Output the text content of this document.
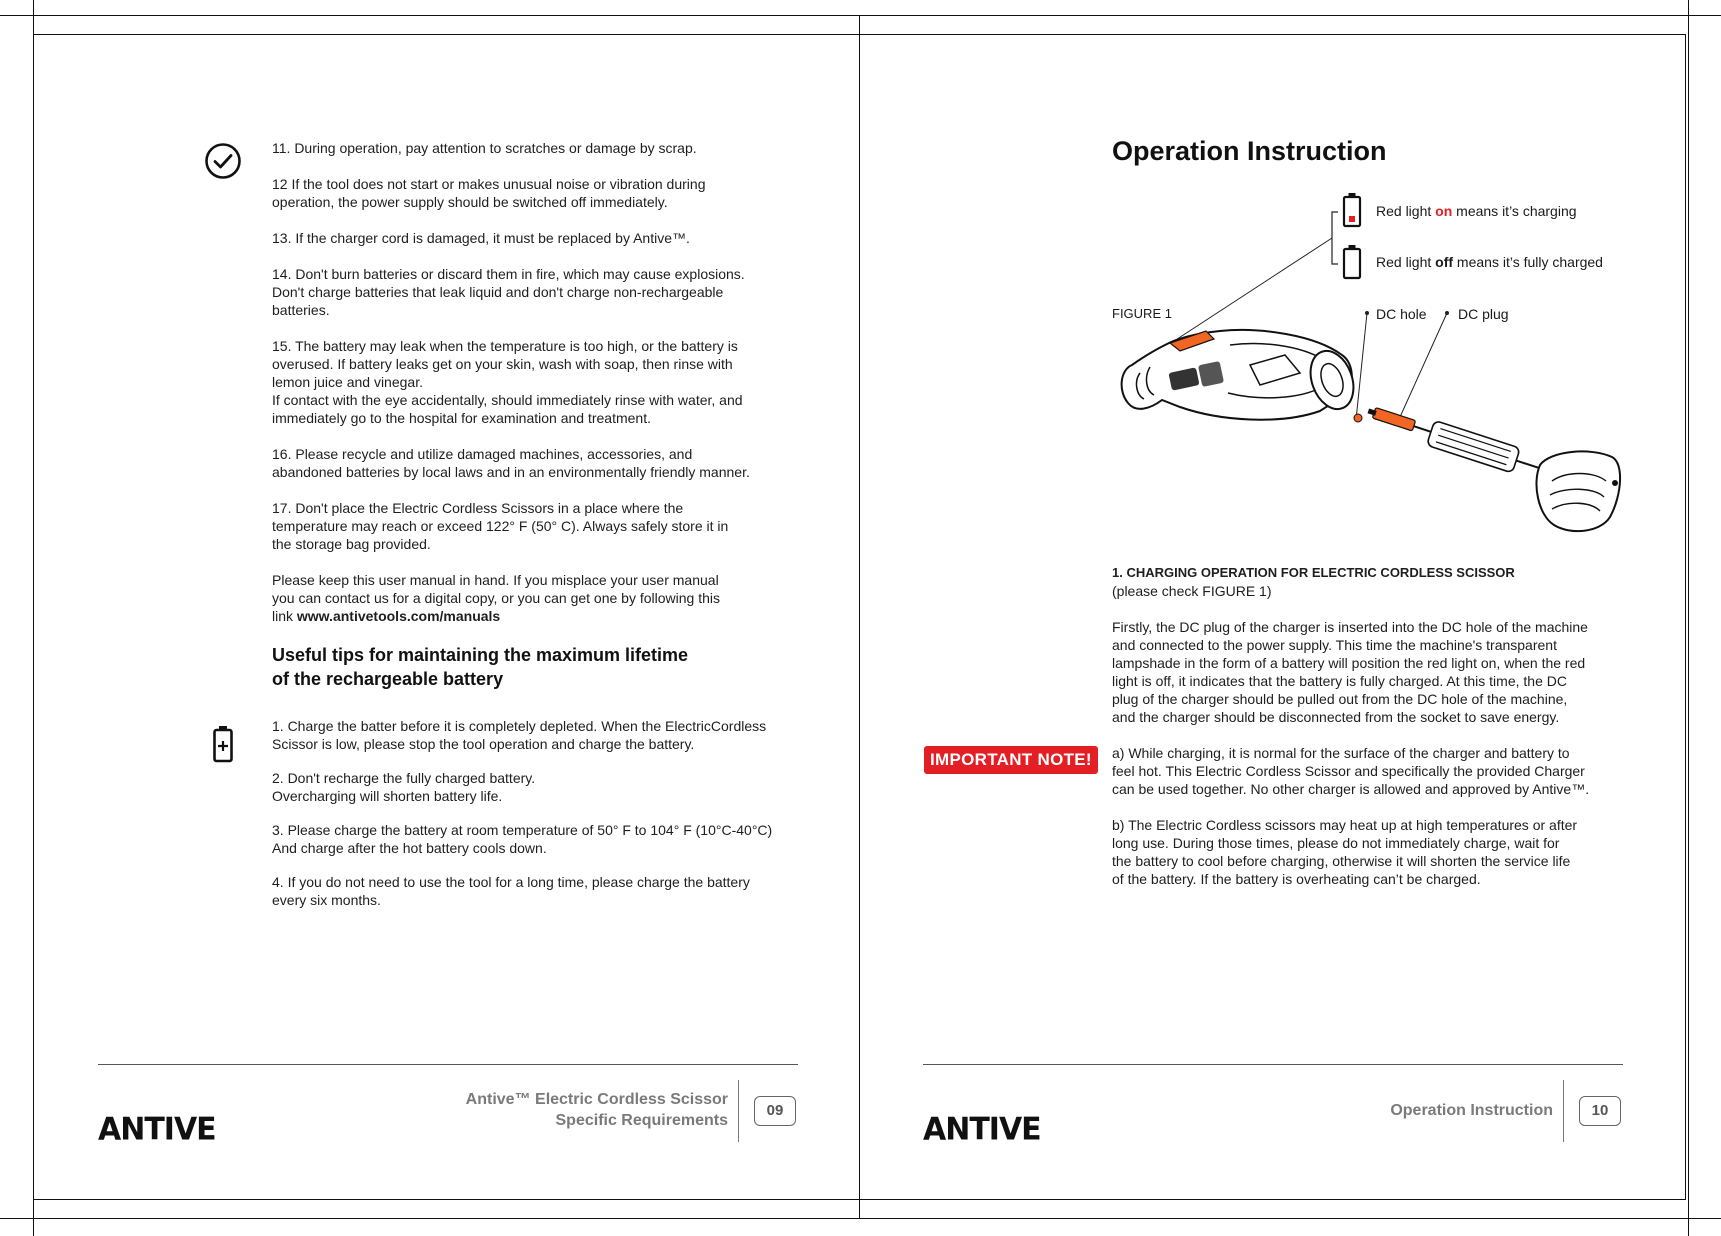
11. During operation, pay attention to scratches or damage by scrap.

12 If the tool does not start or makes unusual noise or vibration during
operation, the power supply should be switched off immediately.

13. If the charger cord is damaged, it must be replaced by Antive™.

14. Don't burn batteries or discard them in fire, which may cause explosions.
Don't charge batteries that leak liquid and don't charge non-rechargeable
batteries.

15. The battery may leak when the temperature is too high, or the battery is
overused. If battery leaks get on your skin, wash with soap, then rinse with
lemon juice and vinegar.
If contact with the eye accidentally, should immediately rinse with water, and
immediately go to the hospital for examination and treatment.

16. Please recycle and utilize damaged machines, accessories, and
abandoned batteries by local laws and in an environmentally friendly manner.

17. Don't place the Electric Cordless Scissors in a place where the
temperature may reach or exceed 122° F (50° C). Always safely store it in
the storage bag provided.

Please keep this user manual in hand. If you misplace your user manual
you can contact us for a digital copy, or you can get one by following this
link www.antivetools.com/manuals

Useful tips for maintaining the maximum lifetime
of the rechargeable battery

1. Charge the batter before it is completely depleted. When the ElectricCordless
Scissor is low, please stop the tool operation and charge the battery.

2. Don't recharge the fully charged battery.
Overcharging will shorten battery life.

3. Please charge the battery at room temperature of 50° F to 104° F (10°C-40°C)
And charge after the hot battery cools down.

4. If you do not need to use the tool for a long time, please charge the battery
every six months.

ANTIVE
Antive™ Electric Cordless Scissor
Specific Requirements
09
Operation Instruction
Red light on means it’s charging
Red light off means it’s fully charged
FIGURE 1	DC hole DC plug
1. CHARGING OPERATION FOR ELECTRIC CORDLESS SCISSOR

(please check FIGURE 1)

Firstly, the DC plug of the charger is inserted into the DC hole of the machine
and connected to the power supply. This time the machine's transparent
lampshade in the form of a battery will position the red light on, when the red
light is off, it indicates that the battery is fully charged. At this time, the DC
plug of the charger should be pulled out from the DC hole of the machine,
and the charger should be disconnected from the socket to save energy.

a) While charging, it is normal for the surface of the charger and battery to
feel hot. This Electric Cordless Scissor and specifically the provided Charger
can be used together. No other charger is allowed and approved by Antive™.

b) The Electric Cordless scissors may heat up at high temperatures or after
long use. During those times, please do not immediately charge, wait for
the battery to cool before charging, otherwise it will shorten the service life
of the battery. If the battery is overheating can’t be charged.

IMPORTANT NOTE!
ANTIVE
Operation Instruction	10
